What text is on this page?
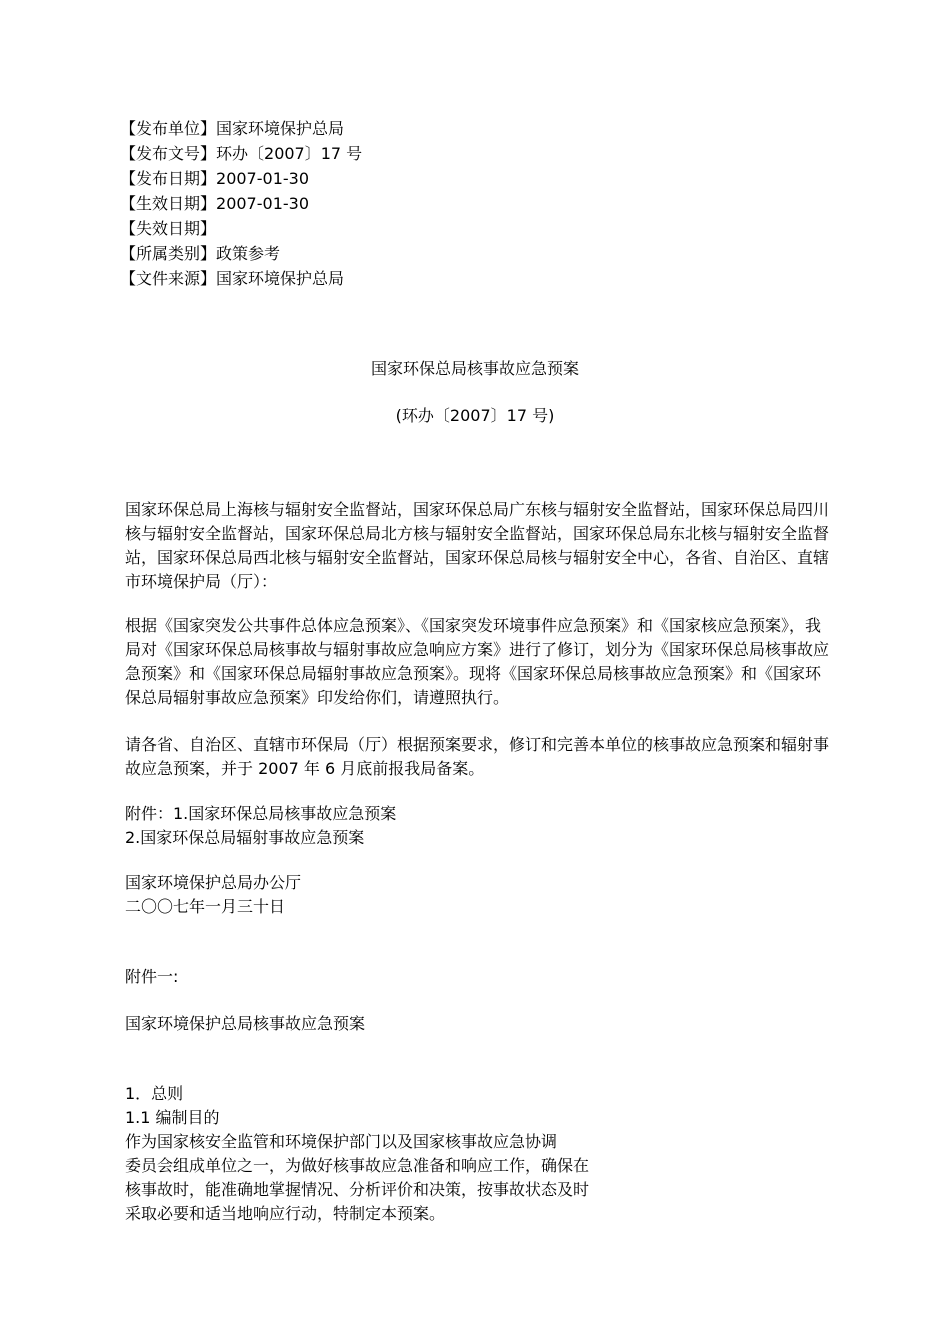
【发布单位】国家环境保护总局
【发布文号】环办〔2007〕17 号
【发布日期】2007-01-30
【生效日期】2007-01-30
【失效日期】
【所属类别】政策参考
【文件来源】国家环境保护总局
国家环保总局核事故应急预案
(环办〔2007〕17 号)
国家环保总局上海核与辐射安全监督站，国家环保总局广东核与辐射安全监督站，国家环保总局四川核与辐射安全监督站，国家环保总局北方核与辐射安全监督站，国家环保总局东北核与辐射安全监督站，国家环保总局西北核与辐射安全监督站，国家环保总局核与辐射安全中心，各省、自治区、直辖市环境保护局（厅）：
根据《国家突发公共事件总体应急预案》、《国家突发环境事件应急预案》和《国家核应急预案》，我局对《国家环保总局核事故与辐射事故应急响应方案》进行了修订，划分为《国家环保总局核事故应急预案》和《国家环保总局辐射事故应急预案》。现将《国家环保总局核事故应急预案》和《国家环保总局辐射事故应急预案》印发给你们，请遵照执行。
请各省、自治区、直辖市环保局（厅）根据预案要求，修订和完善本单位的核事故应急预案和辐射事故应急预案，并于 2007 年 6 月底前报我局备案。
附件：1.国家环保总局核事故应急预案
2.国家环保总局辐射事故应急预案
国家环境保护总局办公厅
二〇〇七年一月三十日
附件一:
国家环境保护总局核事故应急预案
1．总则
1.1 编制目的
作为国家核安全监管和环境保护部门以及国家核事故应急协调
委员会组成单位之一，为做好核事故应急准备和响应工作，确保在
核事故时，能准确地掌握情况、分析评价和决策，按事故状态及时
采取必要和适当地响应行动，特制定本预案。
